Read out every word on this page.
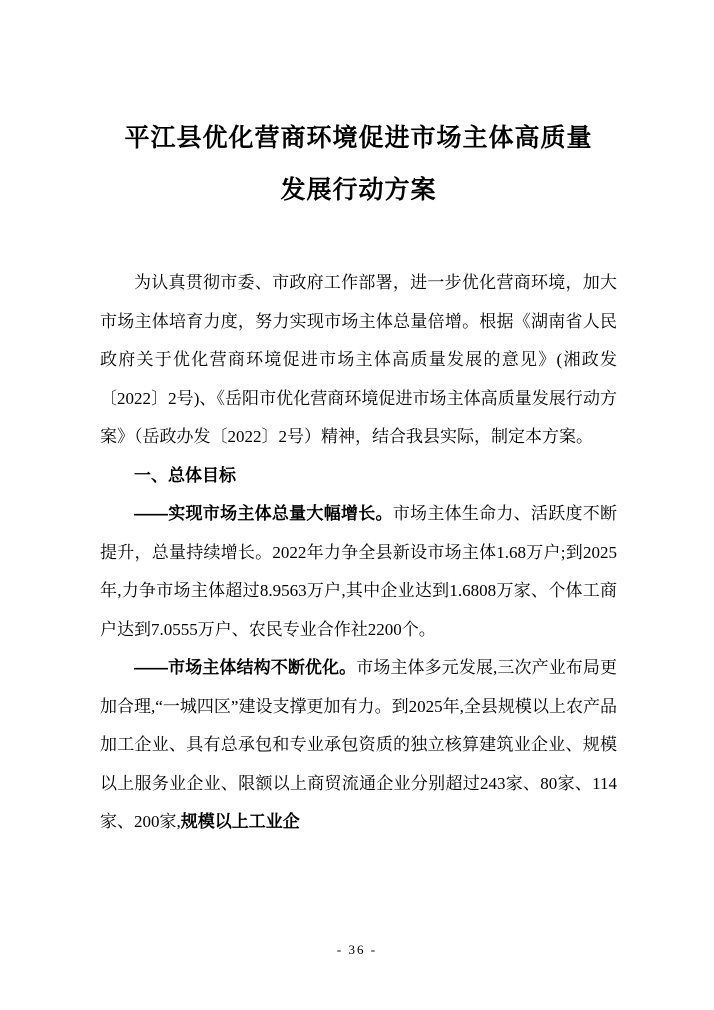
平江县优化营商环境促进市场主体高质量
发展行动方案

为认真贯彻市委、市政府工作部署，进一步优化营商环境，加大市场主体培育力度，努力实现市场主体总量倍增。根据《湖南省人民政府关于优化营商环境促进市场主体高质量发展的意见》(湘政发〔2022〕2号)、《岳阳市优化营商环境促进市场主体高质量发展行动方案》（岳政办发〔2022〕2号）精神，结合我县实际，制定本方案。

一、总体目标

——实现市场主体总量大幅增长。市场主体生命力、活跃度不断提升，总量持续增长。2022年力争全县新设市场主体1.68万户;到2025年,力争市场主体超过8.9563万户,其中企业达到1.6808万家、个体工商户达到7.0555万户、农民专业合作社2200个。

——市场主体结构不断优化。市场主体多元发展,三次产业布局更加合理,“一城四区”建设支撑更加有力。到2025年,全县规模以上农产品加工企业、具有总承包和专业承包资质的独立核算建筑业企业、规模以上服务业企业、限额以上商贸流通企业分别超过243家、80家、114家、200家,规模以上工业企

- 36 -
